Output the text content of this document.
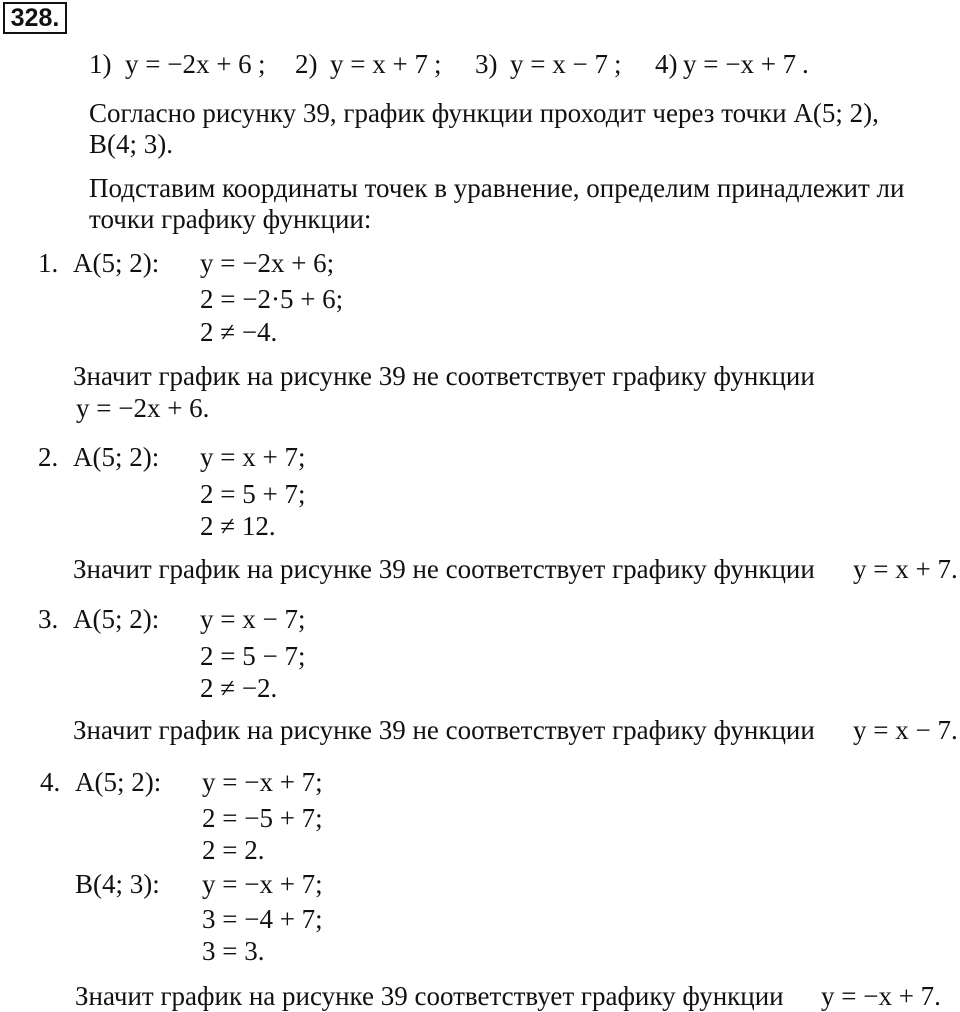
328.
1) y = −2x + 6 ; 2) y = x + 7 ; 3) y = x − 7 ; 4) y = −x + 7 .
Согласно рисунку 39, график функции проходит через точки A(5; 2),
B(4; 3).
Подставим координаты точек в уравнение, определим принадлежит ли
точки графику функции:
1. A(5; 2): y = −2x + 6;
2 = −2·5 + 6;
2 ≠ −4.
Значит график на рисунке 39 не соответствует графику функции
y = −2x + 6.
2. A(5; 2): y = x + 7;
2 = 5 + 7;
2 ≠ 12.
Значит график на рисунке 39 не соответствует графику функции y = x + 7.
3. A(5; 2): y = x − 7;
2 = 5 − 7;
2 ≠ −2.
Значит график на рисунке 39 не соответствует графику функции y = x − 7.
4. A(5; 2): y = −x + 7;
2 = −5 + 7;
2 = 2.
B(4; 3): y = −x + 7;
3 = −4 + 7;
3 = 3.
Значит график на рисунке 39 соответствует графику функции y = −x + 7.
